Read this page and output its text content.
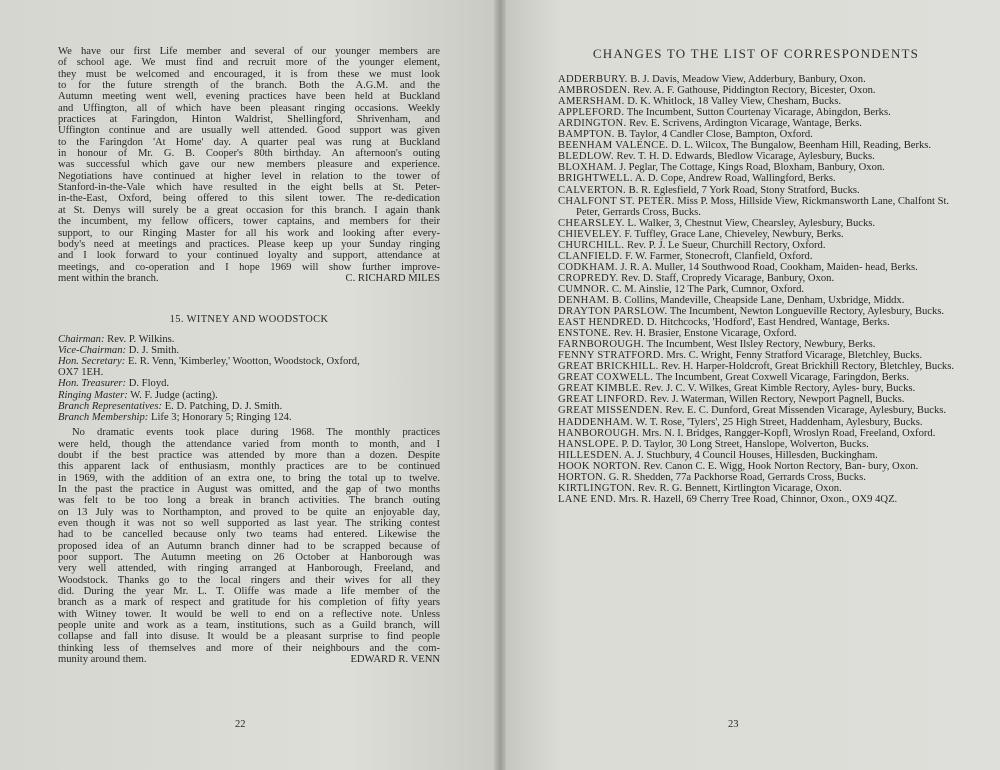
We have our first Life member and several of our younger members are
of school age. We must find and recruit more of the younger element,
they must be welcomed and encouraged, it is from these we must look
to for the future strength of the branch. Both the A.G.M. and the
Autumn meeting went well, evening practices have been held at Buckland
and Uffington, all of which have been pleasant ringing occasions. Weekly
practices at Faringdon, Hinton Waldrist, Shellingford, Shrivenham, and
Uffington continue and are usually well attended. Good support was given
to the Faringdon 'At Home' day. A quarter peal was rung at Buckland
in honour of Mr. G. B. Cooper's 80th birthday. An afternoon's outing
was successful which gave our new members pleasure and experience.
Negotiations have continued at higher level in relation to the tower of
Stanford-in-the-Vale which have resulted in the eight bells at St. Peter-
in-the-East, Oxford, being offered to this silent tower. The re-dedication
at St. Denys will surely be a great occasion for this branch. I again thank
the incumbent, my fellow officers, tower captains, and members for their
support, to our Ringing Master for all his work and looking after every-
body's need at meetings and practices. Please keep up your Sunday ringing
and I look forward to your continued loyalty and support, attendance at
meetings, and co-operation and I hope 1969 will show further improve-
ment within the branch.	C. RICHARD MILES
15. WITNEY AND WOODSTOCK
Chairman: Rev. P. Wilkins.
Vice-Chairman: D. J. Smith.
Hon. Secretary: E. R. Venn, 'Kimberley,' Wootton, Woodstock, Oxford,
OX7 1EH.
Hon. Treasurer: D. Floyd.
Ringing Master: W. F. Judge (acting).
Branch Representatives: E. D. Patching, D. J. Smith.
Branch Membership: Life 3; Honorary 5; Ringing 124.
No dramatic events took place during 1968. The monthly practices
were held, though the attendance varied from month to month, and I
doubt if the best practice was attended by more than a dozen. Despite
this apparent lack of enthusiasm, monthly practices are to be continued
in 1969, with the addition of an extra one, to bring the total up to twelve.
In the past the practice in August was omitted, and the gap of two months
was felt to be too long a break in branch activities. The branch outing
on 13 July was to Northampton, and proved to be quite an enjoyable day,
even though it was not so well supported as last year. The striking contest
had to be cancelled because only two teams had entered. Likewise the
proposed idea of an Autumn branch dinner had to be scrapped because of
poor support. The Autumn meeting on 26 October at Hanborough was
very well attended, with ringing arranged at Hanborough, Freeland, and
Woodstock. Thanks go to the local ringers and their wives for all they
did. During the year Mr. L. T. Oliffe was made a life member of the
branch as a mark of respect and gratitude for his completion of fifty years
with Witney tower. It would be well to end on a reflective note. Unless
people unite and work as a team, institutions, such as a Guild branch, will
collapse and fall into disuse. It would be a pleasant surprise to find people
thinking less of themselves and more of their neighbours and the com-
munity around them.	EDWARD R. VENN
22
CHANGES TO THE LIST OF CORRESPONDENTS
ADDERBURY. B. J. Davis, Meadow View, Adderbury, Banbury, Oxon.
AMBROSDEN. Rev. A. F. Gathouse, Piddington Rectory, Bicester, Oxon.
AMERSHAM. D. K. Whitlock, 18 Valley View, Chesham, Bucks.
APPLEFORD. The Incumbent, Sutton Courtenay Vicarage, Abingdon, Berks.
ARDINGTON. Rev. E. Scrivens, Ardington Vicarage, Wantage, Berks.
BAMPTON. B. Taylor, 4 Candler Close, Bampton, Oxford.
BEENHAM VALENCE. D. L. Wilcox, The Bungalow, Beenham Hill, Reading, Berks.
BLEDLOW. Rev. T. H. D. Edwards, Bledlow Vicarage, Aylesbury, Bucks.
BLOXHAM. J. Peglar, The Cottage, Kings Road, Bloxham, Banbury, Oxon.
BRIGHTWELL. A. D. Cope, Andrew Road, Wallingford, Berks.
CALVERTON. B. R. Eglesfield, 7 York Road, Stony Stratford, Bucks.
CHALFONT ST. PETER. Miss P. Moss, Hillside View, Rickmansworth Lane, Chalfont St. Peter, Gerrards Cross, Bucks.
CHEARSLEY. L. Walker, 3, Chestnut View, Chearsley, Aylesbury, Bucks.
CHIEVELEY. F. Tuffley, Grace Lane, Chieveley, Newbury, Berks.
CHURCHILL. Rev. P. J. Le Sueur, Churchill Rectory, Oxford.
CLANFIELD. F. W. Farmer, Stonecroft, Clanfield, Oxford.
CODKHAM. J. R. A. Muller, 14 Southwood Road, Cookham, Maiden- head, Berks.
CROPREDY. Rev. D. Staff, Cropredy Vicarage, Banbury, Oxon.
CUMNOR. C. M. Ainslie, 12 The Park, Cumnor, Oxford.
DENHAM. B. Collins, Mandeville, Cheapside Lane, Denham, Uxbridge, Middx.
DRAYTON PARSLOW. The Incumbent, Newton Longueville Rectory, Aylesbury, Bucks.
EAST HENDRED. D. Hitchcocks, 'Hodford', East Hendred, Wantage, Berks.
ENSTONE. Rev. H. Brasier, Enstone Vicarage, Oxford.
FARNBOROUGH. The Incumbent, West Ilsley Rectory, Newbury, Berks.
FENNY STRATFORD. Mrs. C. Wright, Fenny Stratford Vicarage, Bletchley, Bucks.
GREAT BRICKHILL. Rev. H. Harper-Holdcroft, Great Brickhill Rectory, Bletchley, Bucks.
GREAT COXWELL. The Incumbent, Great Coxwell Vicarage, Faringdon, Berks.
GREAT KIMBLE. Rev. J. C. V. Wilkes, Great Kimble Rectory, Ayles- bury, Bucks.
GREAT LINFORD. Rev. J. Waterman, Willen Rectory, Newport Pagnell, Bucks.
GREAT MISSENDEN. Rev. E. C. Dunford, Great Missenden Vicarage, Aylesbury, Bucks.
HADDENHAM. W. T. Rose, 'Tylers', 25 High Street, Haddenham, Aylesbury, Bucks.
HANBOROUGH. Mrs. N. I. Bridges, Rangger-Kopfl, Wroslyn Road, Freeland, Oxford.
HANSLOPE. P. D. Taylor, 30 Long Street, Hanslope, Wolverton, Bucks.
HILLESDEN. A. J. Stuchbury, 4 Council Houses, Hillesden, Buckingham.
HOOK NORTON. Rev. Canon C. E. Wigg, Hook Norton Rectory, Ban- bury, Oxon.
HORTON. G. R. Shedden, 77a Packhorse Road, Gerrards Cross, Bucks.
KIRTLINGTON. Rev. R. G. Bennett, Kirtlington Vicarage, Oxon.
LANE END. Mrs. R. Hazell, 69 Cherry Tree Road, Chinnor, Oxon., OX9 4QZ.
23
